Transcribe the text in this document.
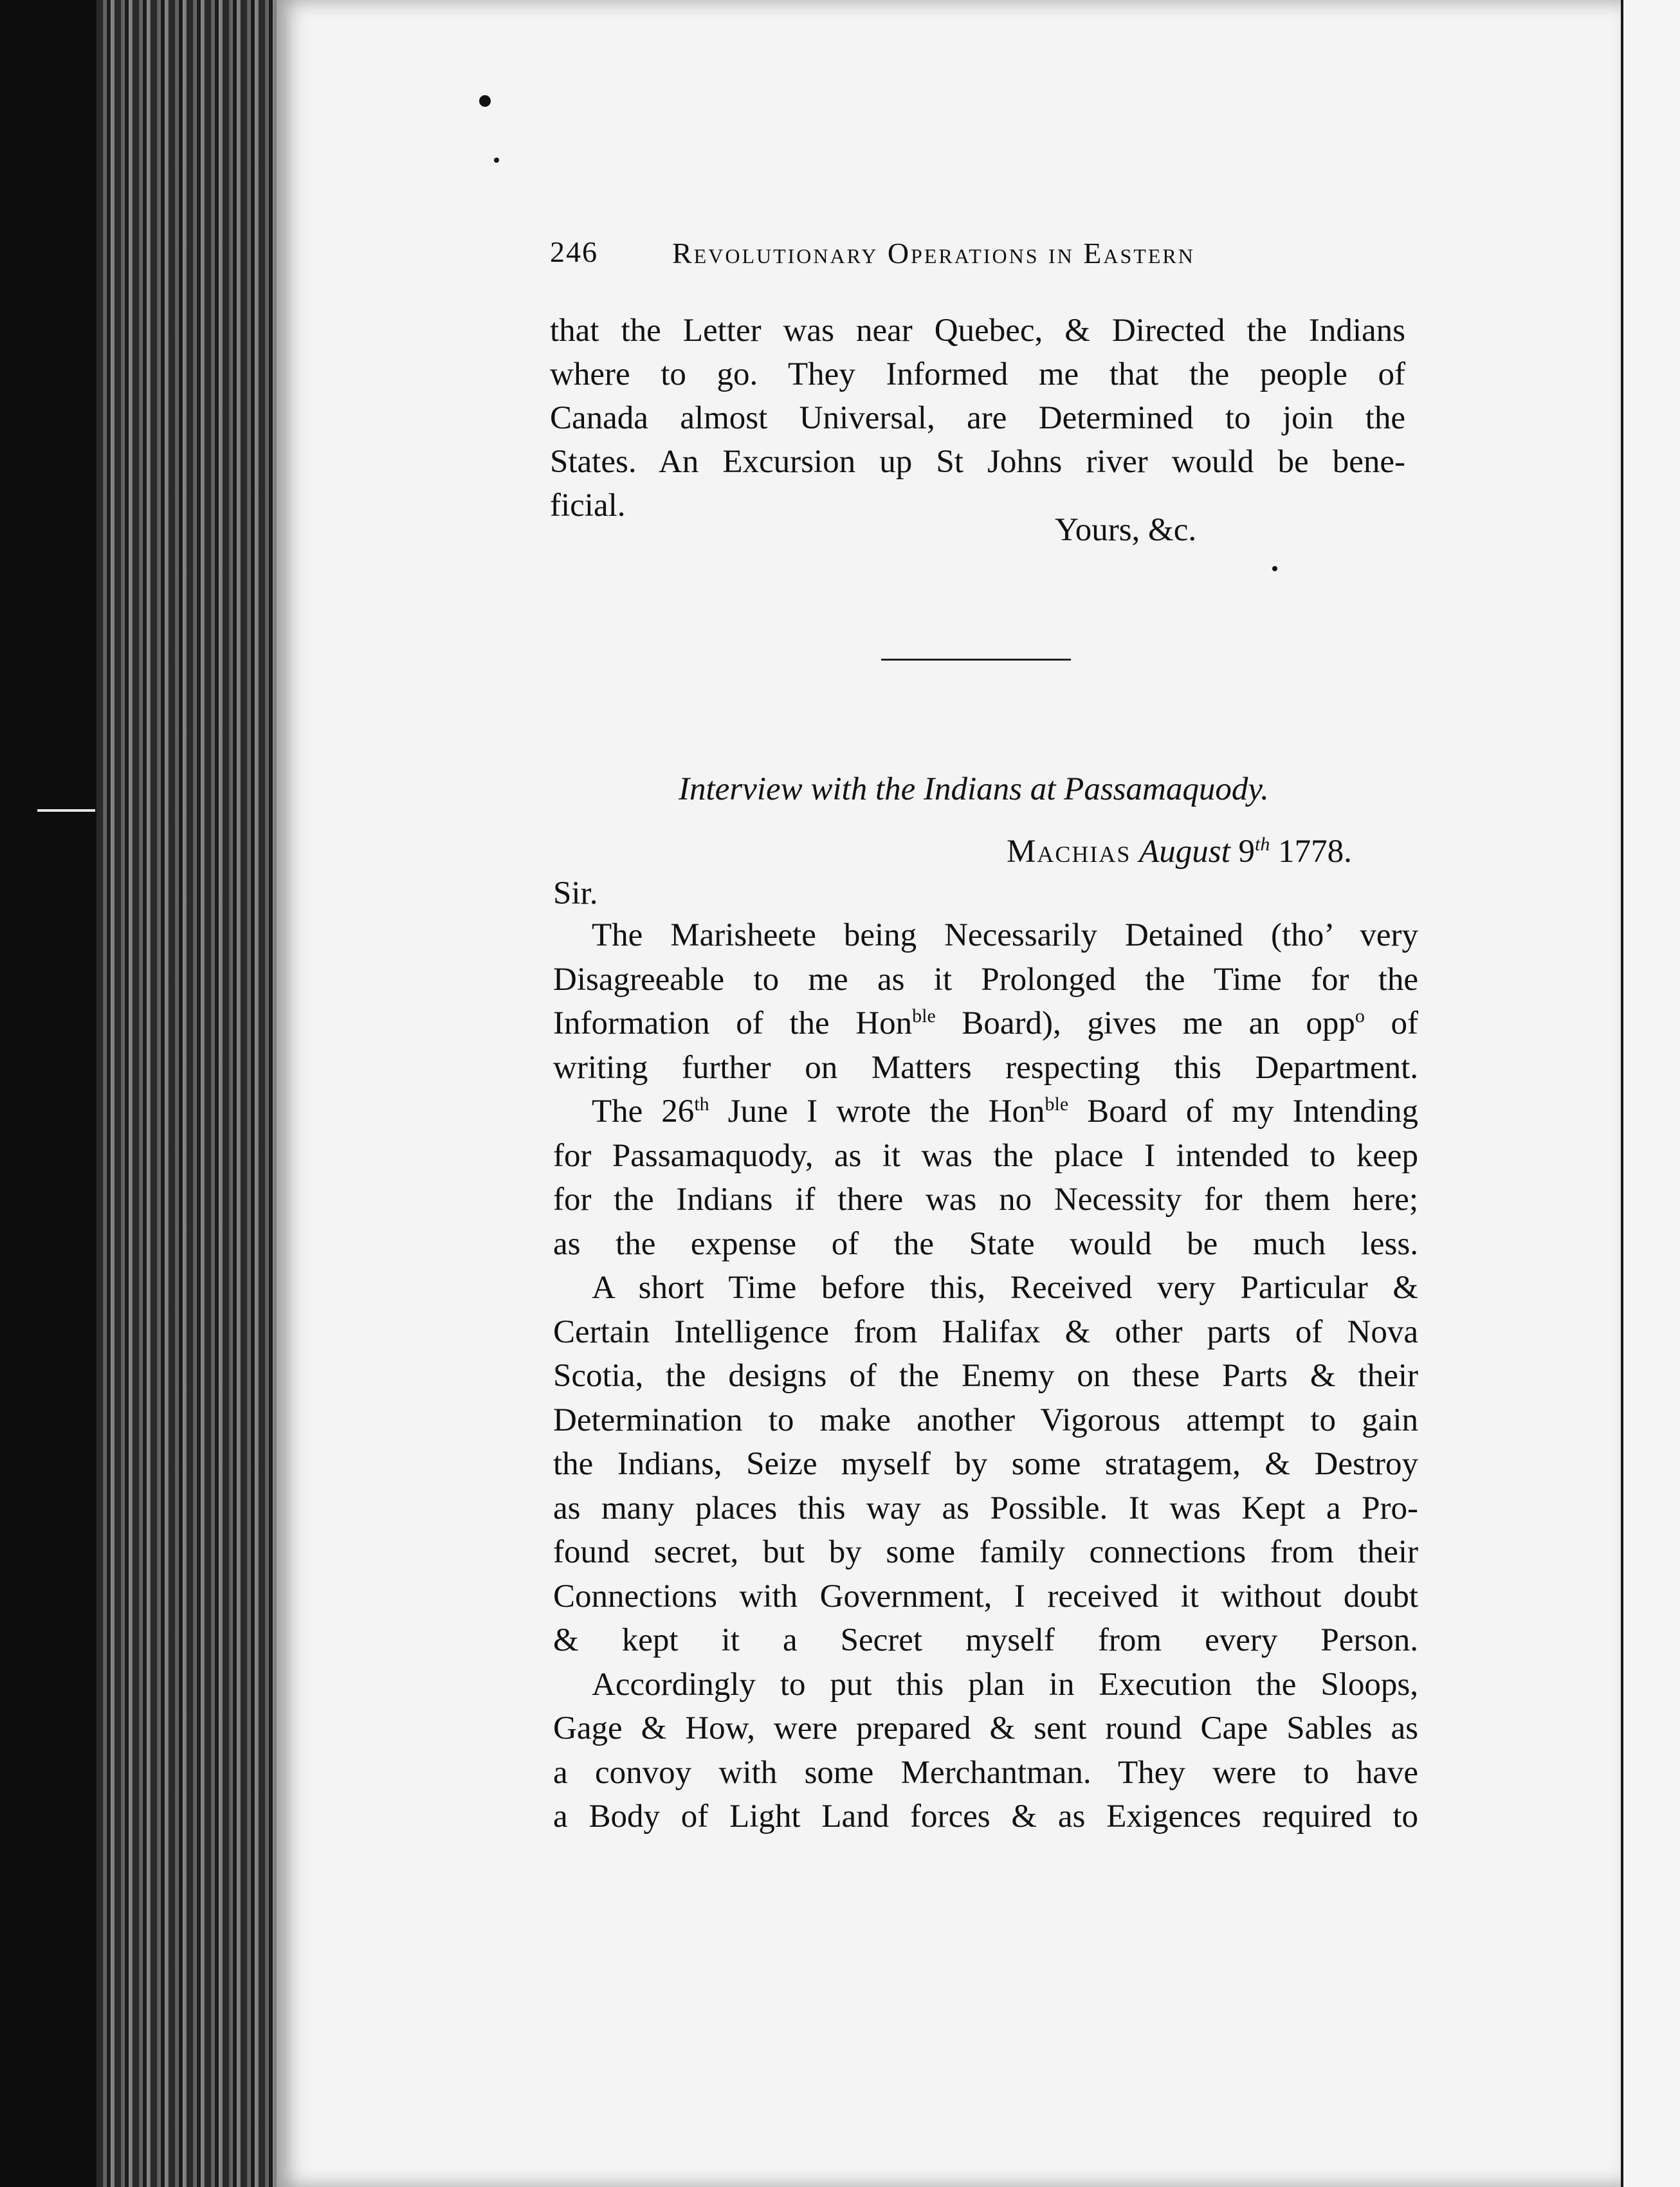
246	Revolutionary Operations in Eastern
that the Letter was near Quebec, & Directed the Indians
where to go. They Informed me that the people of
Canada almost Universal, are Determined to join the
States. An Excursion up St Johns river would be bene-
ficial.
Yours, &c.
Interview with the Indians at Passamaquody.
Machias August 9th 1778.
Sir.

The Marisheete being Necessarily Detained (tho’ very
Disagreeable to me as it Prolonged the Time for the
Information of the Hon$^{ble}$ Board), gives me an opp$^o$ of
writing further on Matters respecting this Department.

The 26th June I wrote the Hon$^{ble}$ Board of my Intending
for Passamaquody, as it was the place I intended to keep
for the Indians if there was no Necessity for them here;
as the expense of the State would be much less.

A short Time before this, Received very Particular &
Certain Intelligence from Halifax & other parts of Nova
Scotia, the designs of the Enemy on these Parts & their
Determination to make another Vigorous attempt to gain
the Indians, Seize myself by some stratagem, & Destroy
as many places this way as Possible. It was Kept a Pro-
found secret, but by some family connections from their
Connections with Government, I received it without doubt
& kept it a Secret myself from every Person.

Accordingly to put this plan in Execution the Sloops,
Gage & How, were prepared & sent round Cape Sables as
a convoy with some Merchantman. They were to have
a Body of Light Land forces & as Exigences required to
